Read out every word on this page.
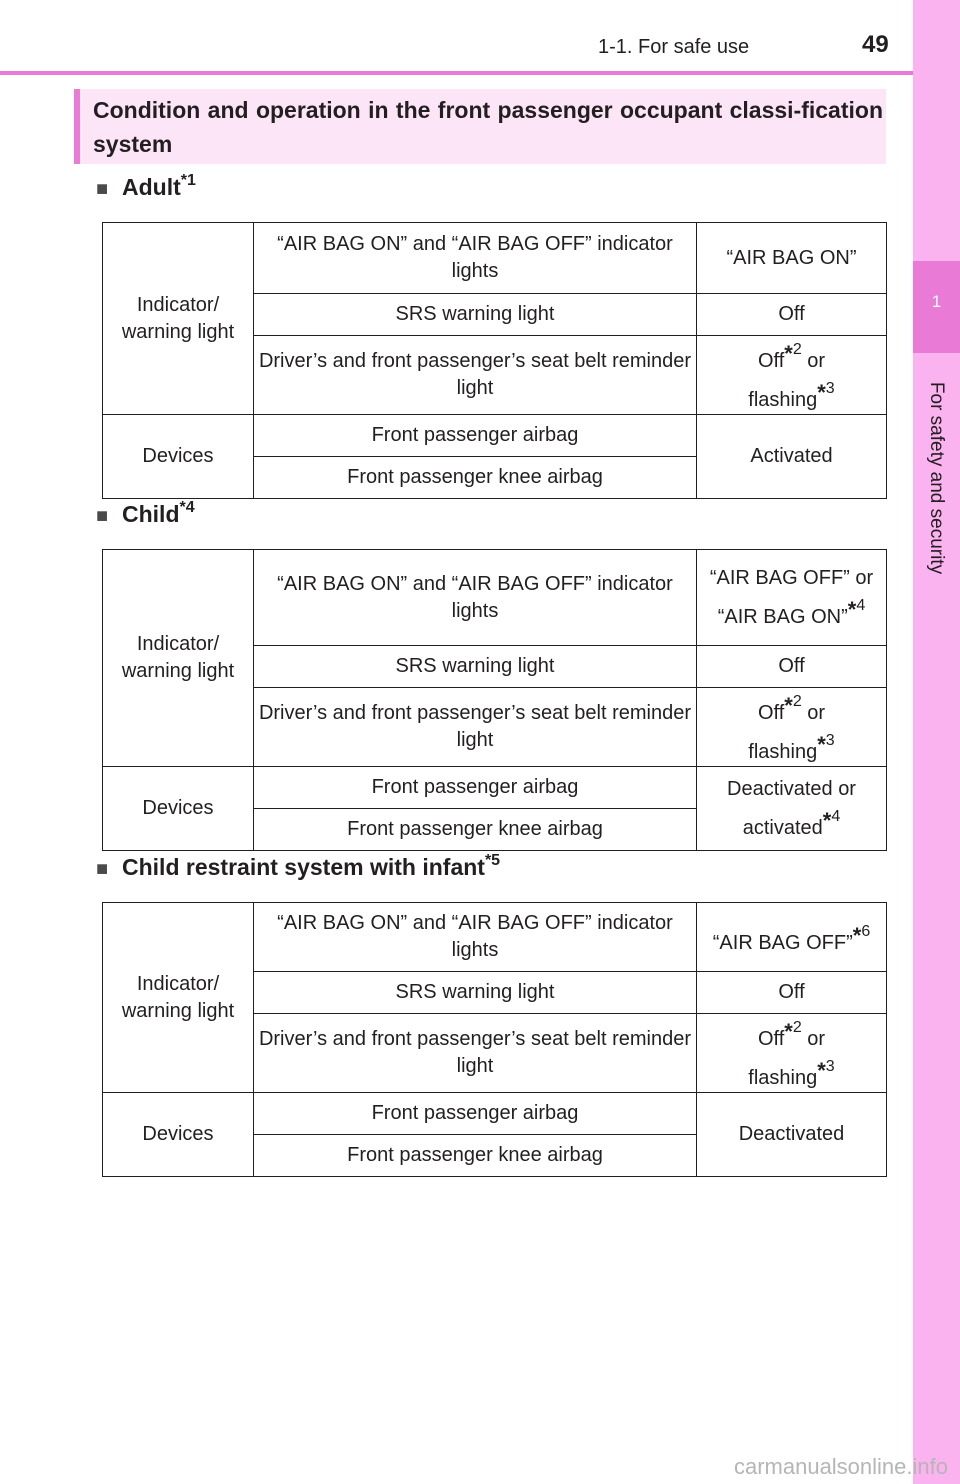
1-1. For safe use	49
1
For safety and security
Condition and operation in the front passenger occupant classi-fication system
■ Adult$^{*1}$
Indicator/ warning light	“AIR BAG ON” and “AIR BAG OFF” indicator lights	“AIR BAG ON”
	SRS warning light	Off
	Driver’s and front passenger’s seat belt reminder light	Off*$^2$ or
flashing*$^3$
Devices	Front passenger airbag	Activated
	Front passenger knee airbag	
■ Child$^{*4}$
Indicator/ warning light	“AIR BAG ON” and “AIR BAG OFF” indicator lights	“AIR BAG OFF” or
“AIR BAG ON”*$^4$
	SRS warning light	Off
	Driver’s and front passenger’s seat belt reminder light	Off*$^2$ or
flashing*$^3$
Devices	Front passenger airbag	Deactivated or
activated*$^4$
	Front passenger knee airbag	
■ Child restraint system with infant$^{*5}$
Indicator/ warning light	“AIR BAG ON” and “AIR BAG OFF” indicator lights	“AIR BAG OFF”*$^6$
	SRS warning light	Off
	Driver’s and front passenger’s seat belt reminder light	Off*$^2$ or
flashing*$^3$
Devices	Front passenger airbag	Deactivated
	Front passenger knee airbag	
carmanualsonline.info
